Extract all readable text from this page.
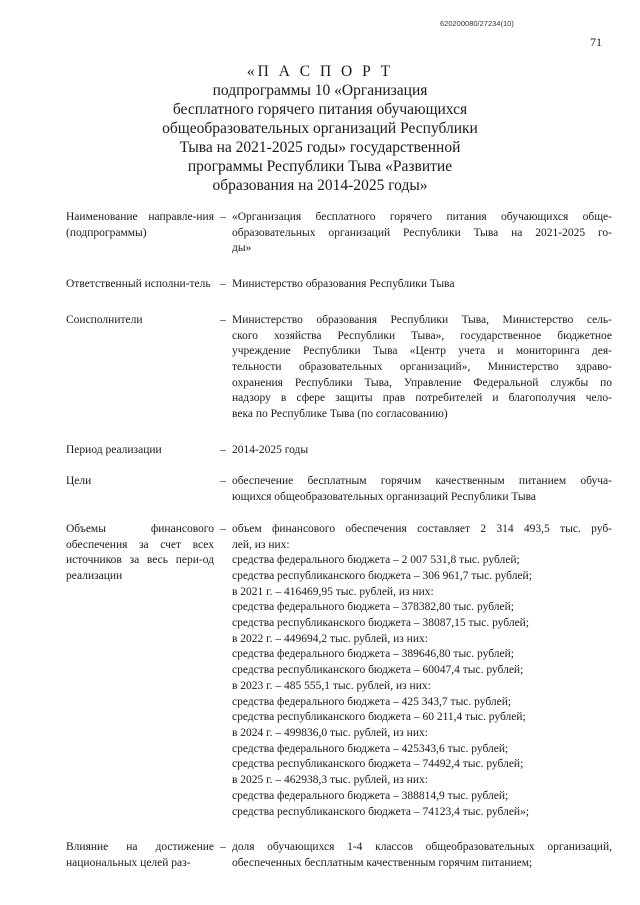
620200080/27234(10)
71
«П А С П О Р Т
подпрограммы 10 «Организация
бесплатного горячего питания обучающихся
общеобразовательных организаций Республики
Тыва на 2021-2025 годы» государственной
программы Республики Тыва «Развитие
образования на 2014-2025 годы»
Наименование направле-ния (подпрограммы)
– «Организация бесплатного горячего питания обучающихся обще-
образовательных организаций Республики Тыва на 2021-2025 го-
ды»
Ответственный исполни-тель – Министерство образования Республики Тыва
Соисполнители	– Министерство образования Республики Тыва, Министерство сель-
ского хозяйства Республики Тыва», государственное бюджетное
учреждение Республики Тыва «Центр учета и мониторинга дея-
тельности образовательных организаций», Министерство здраво-
охранения Республики Тыва, Управление Федеральной службы по
надзору в сфере защиты прав потребителей и благополучия чело-
века по Республике Тыва (по согласованию)
Период реализации	– 2014-2025 годы
Цели	– обеспечение бесплатным горячим качественным питанием обуча-
ющихся общеобразовательных организаций Республики Тыва
Объемы финансового обеспечения за счет всех источников за весь пери-од реализации
– объем финансового обеспечения составляет 2 314 493,5 тыс. руб-
лей, из них:
средства федерального бюджета – 2 007 531,8 тыс. рублей;
средства республиканского бюджета – 306 961,7 тыс. рублей;
в 2021 г. – 416469,95 тыс. рублей, из них:
средства федерального бюджета – 378382,80 тыс. рублей;
средства республиканского бюджета – 38087,15 тыс. рублей;
в 2022 г. – 449694,2 тыс. рублей, из них:
средства федерального бюджета – 389646,80 тыс. рублей;
средства республиканского бюджета – 60047,4 тыс. рублей;
в 2023 г. – 485 555,1 тыс. рублей, из них:
средства федерального бюджета – 425 343,7 тыс. рублей;
средства республиканского бюджета – 60 211,4 тыс. рублей;
в 2024 г. – 499836,0 тыс. рублей, из них:
средства федерального бюджета – 425343,6 тыс. рублей;
средства республиканского бюджета – 74492,4 тыс. рублей;
в 2025 г. – 462938,3 тыс. рублей, из них:
средства федерального бюджета – 388814,9 тыс. рублей;
средства республиканского бюджета – 74123,4 тыс. рублей»;
Влияние на достижение национальных целей раз-
– доля обучающихся 1-4 классов общеобразовательных организаций,
обеспеченных бесплатным качественным горячим питанием;
